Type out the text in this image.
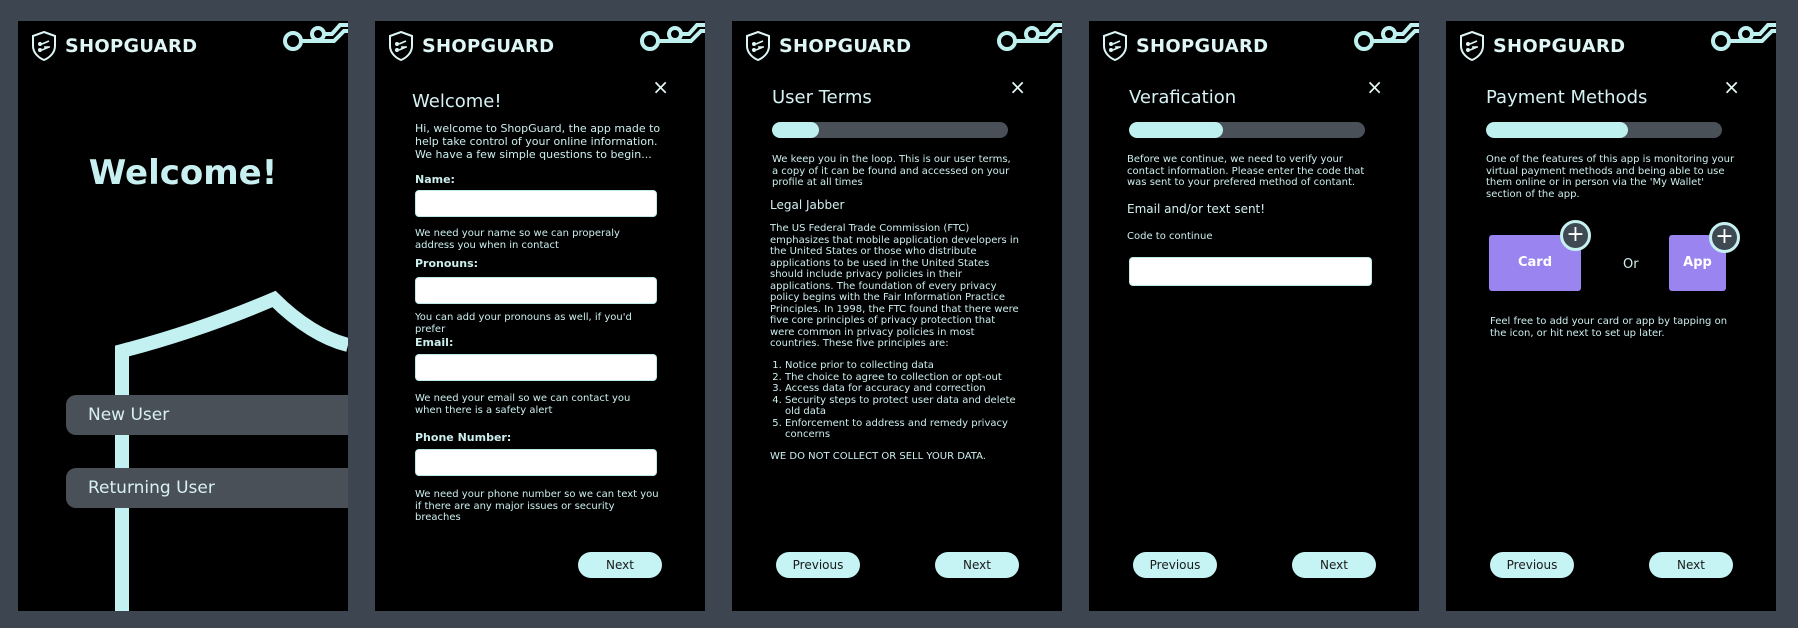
SHOPGUARD
Welcome!
New User
Returning User
SHOPGUARD
×
Welcome!
Hi, welcome to ShopGuard, the app made to help take control of your online information. We have a few simple questions to begin...
Name:
We need your name so we can properaly address you when in contact
Pronouns:
You can add your pronouns as well, if you'd prefer
Email:
We need your email so we can contact you when there is a safety alert
Phone Number:
We need your phone number so we can text you if there are any major issues or security breaches
Next
SHOPGUARD
×
User Terms
We keep you in the loop. This is our user terms, a copy of it can be found and accessed on your profile at all times
Legal Jabber
The US Federal Trade Commission (FTC) emphasizes that mobile application developers in the United States or those who distribute applications to be used in the United States should include privacy policies in their applications. The foundation of every privacy policy begins with the Fair Information Practice Principles. In 1998, the FTC found that there were five core principles of privacy protection that were common in privacy policies in most countries. These five principles are:
1. Notice prior to collecting data
2. The choice to agree to collection or opt-out
3. Access data for accuracy and correction
4. Security steps to protect user data and delete old data
5. Enforcement to address and remedy privacy concerns
WE DO NOT COLLECT OR SELL YOUR DATA.
Previous	Next
SHOPGUARD
×
Verafication
Before we continue, we need to verify your contact information. Please enter the code that was sent to your prefered method of contant.
Email and/or text sent!
Code to continue
Previous	Next
SHOPGUARD
×
Payment Methods
One of the features of this app is monitoring your virtual payment methods and being able to use them online or in person via the 'My Wallet' section of the app.
Card
+
Or	App
+
Feel free to add your card or app by tapping on the icon, or hit next to set up later.
Previous	Next
